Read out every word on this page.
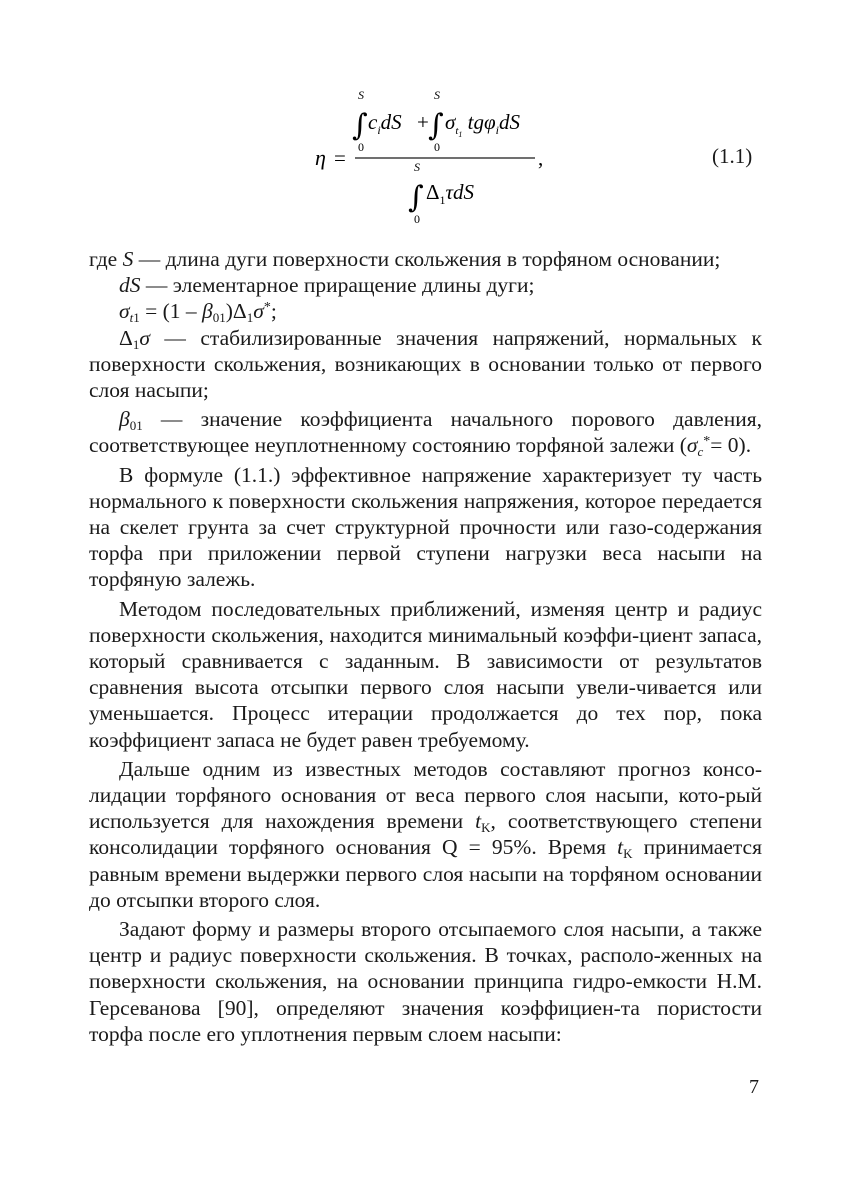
η =
S
∫
0
$c_idS$ +
S
∫
0
$\sigma_t1$ tgφ$_i$dS
,
S
∫
0
$\Delta_1\tau dS$
(1.1)

где S — длина дуги поверхности скольжения в торфяном основании;

dS — элементарное приращение длины дуги;

$\sigma_{t1} = (1 - \beta_{01})\Delta_1\sigma^*$;

$\Delta_1\sigma$ — стабилизированные значения напряжений, нормальных к поверхности скольжения, возникающих в основании только от первого слоя насыпи;

$\beta_{01}$ — значение коэффициента начального порового давления, соответствующее неуплотненному состоянию торфяной залежи $(\sigma_c^*= 0)$.

В формуле (1.1.) эффективное напряжение характеризует ту часть нормального к поверхности скольжения напряжения, которое передается на скелет грунта за счет структурной прочности или газо-содержания торфа при приложении первой ступени нагрузки веса насыпи на торфяную залежь.

Методом последовательных приближений, изменяя центр и радиус поверхности скольжения, находится минимальный коэффи-циент запаса, который сравнивается с заданным. В зависимости от результатов сравнения высота отсыпки первого слоя насыпи увели-чивается или уменьшается. Процесс итерации продолжается до тех пор, пока коэффициент запаса не будет равен требуемому.

Дальше одним из известных методов составляют прогноз консо-лидации торфяного основания от веса первого слоя насыпи, кото-рый используется для нахождения времени $t_K$, соответствующего степени консолидации торфяного основания Q = 95%. Время $t_K$ принимается равным времени выдержки первого слоя насыпи на торфяном основании до отсыпки второго слоя.

Задают форму и размеры второго отсыпаемого слоя насыпи, а также центр и радиус поверхности скольжения. В точках, располо-женных на поверхности скольжения, на основании принципа гидро-емкости Н.М. Герсеванова [90], определяют значения коэффициен-та пористости торфа после его уплотнения первым слоем насыпи:

7
